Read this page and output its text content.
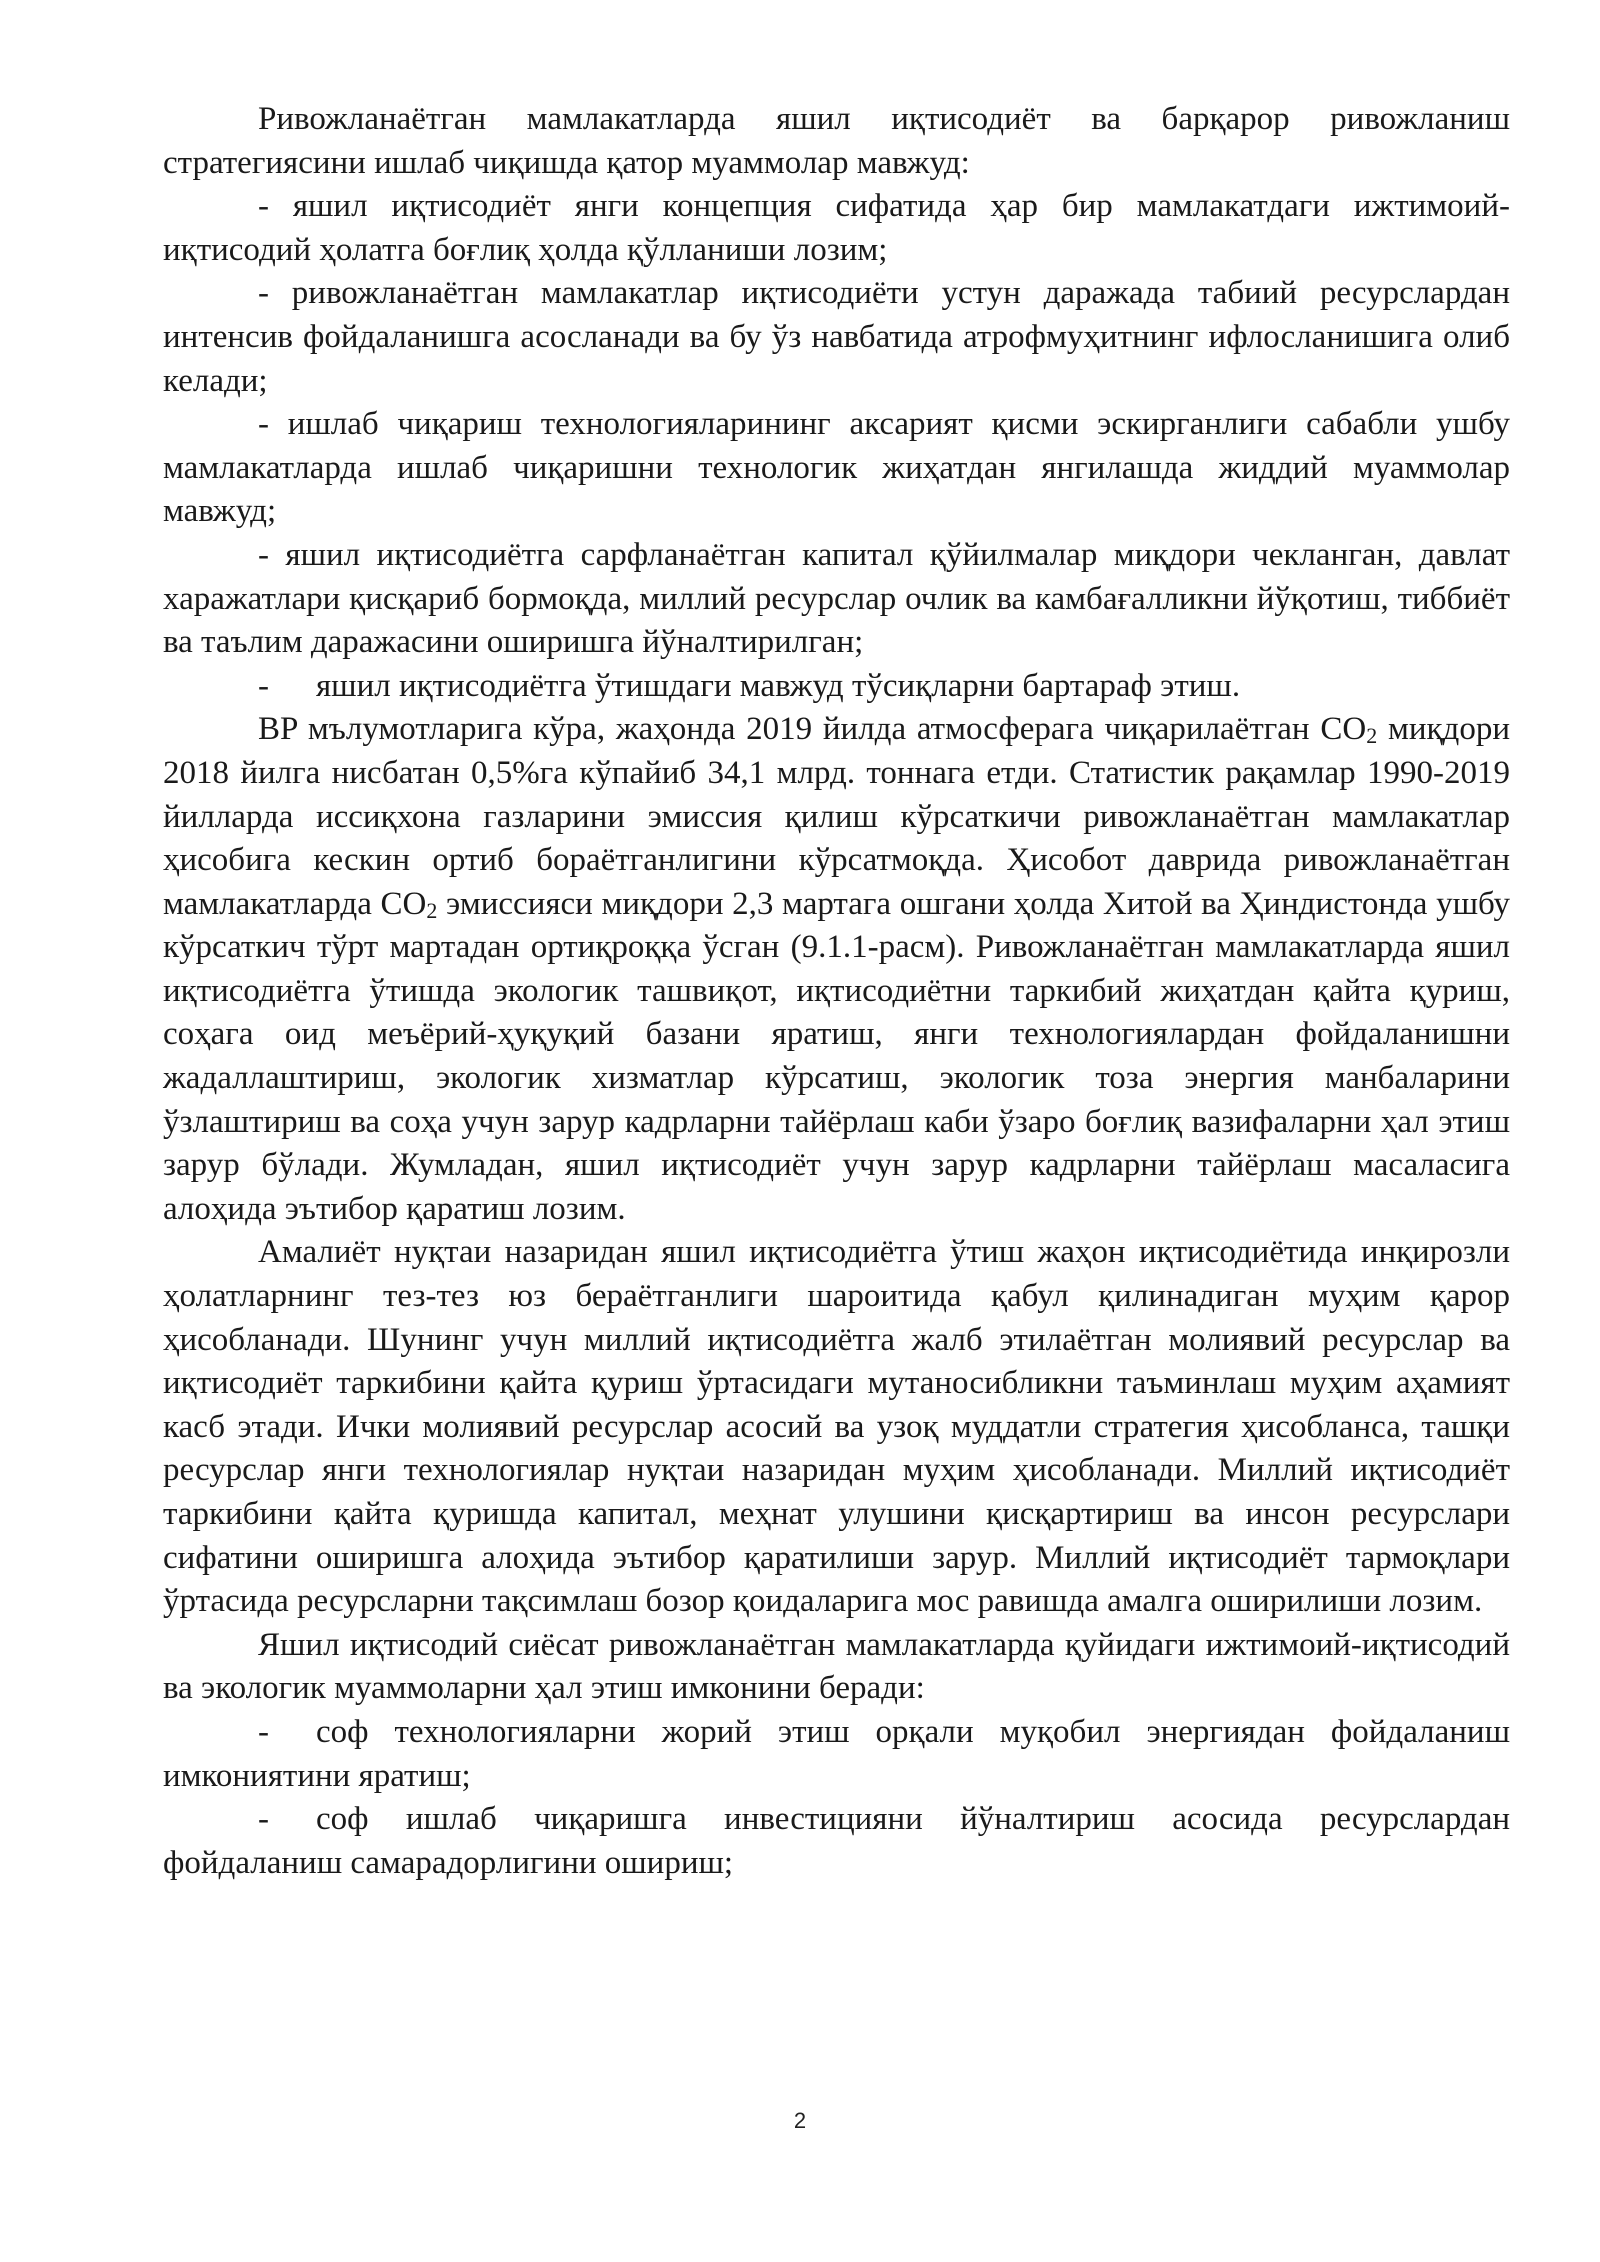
Ривожланаётган мамлакатларда яшил иқтисодиёт ва барқарор ривожланиш стратегиясини ишлаб чиқишда қатор муаммолар мавжуд:

- яшил иқтисодиёт янги концепция сифатида ҳар бир мамлакатдаги ижтимоий-иқтисодий ҳолатга боғлиқ ҳолда қўлланиши лозим;

- ривожланаётган мамлакатлар иқтисодиёти устун даражада табиий ресурслардан интенсив фойдаланишга асосланади ва бу ўз навбатида атрофмуҳитнинг ифлосланишига олиб келади;

- ишлаб чиқариш технологияларининг аксарият қисми эскирганлиги сабабли ушбу мамлакатларда ишлаб чиқаришни технологик жиҳатдан янгилашда жиддий муаммолар мавжуд;

- яшил иқтисодиётга сарфланаётган капитал қўйилмалар миқдори чекланган, давлат харажатлари қисқариб бормоқда, миллий ресурслар очлик ва камбағалликни йўқотиш, тиббиёт ва таълим даражасини оширишга йўналтирилган;

- яшил иқтисодиётга ўтишдаги мавжуд тўсиқларни бартараф этиш.

BP мълумотларига кўра, жаҳонда 2019 йилда атмосферага чиқарилаётган $CO_2$ миқдори 2018 йилга нисбатан 0,5%га кўпайиб 34,1 млрд. тоннага етди. Статистик рақамлар 1990-2019 йилларда иссиқхона газларини эмиссия қилиш кўрсаткичи ривожланаётган мамлакатлар ҳисобига кескин ортиб бораётганлигини кўрсатмоқда. Ҳисобот даврида ривожланаётган мамлакатларда $CO_2$ эмиссияси миқдори 2,3 мартага ошгани ҳолда Хитой ва Ҳиндистонда ушбу кўрсаткич тўрт мартадан ортиқроққа ўсган (9.1.1-расм). Ривожланаётган мамлакатларда яшил иқтисодиётга ўтишда экологик ташвиқот, иқтисодиётни таркибий жиҳатдан қайта қуриш, соҳага оид меъёрий-ҳуқуқий базани яратиш, янги технологиялардан фойдаланишни жадаллаштириш, экологик хизматлар кўрсатиш, экологик тоза энергия манбаларини ўзлаштириш ва соҳа учун зарур кадрларни тайёрлаш каби ўзаро боғлиқ вазифаларни ҳал этиш зарур бўлади. Жумладан, яшил иқтисодиёт учун зарур кадрларни тайёрлаш масаласига алоҳида эътибор қаратиш лозим.

Амалиёт нуқтаи назаридан яшил иқтисодиётга ўтиш жаҳон иқтисодиётида инқирозли ҳолатларнинг тез-тез юз бераётганлиги шароитида қабул қилинадиган муҳим қарор ҳисобланади. Шунинг учун миллий иқтисодиётга жалб этилаётган молиявий ресурслар ва иқтисодиёт таркибини қайта қуриш ўртасидаги мутаносибликни таъминлаш муҳим аҳамият касб этади. Ички молиявий ресурслар асосий ва узоқ муддатли стратегия ҳисобланса, ташқи ресурслар янги технологиялар нуқтаи назаридан муҳим ҳисобланади. Миллий иқтисодиёт таркибини қайта қуришда капитал, меҳнат улушини қисқартириш ва инсон ресурслари сифатини оширишга алоҳида эътибор қаратилиши зарур. Миллий иқтисодиёт тармоқлари ўртасида ресурсларни тақсимлаш бозор қоидаларига мос равишда амалга оширилиши лозим.

Яшил иқтисодий сиёсат ривожланаётган мамлакатларда қуйидаги ижтимоий-иқтисодий ва экологик муаммоларни ҳал этиш имконини беради:

- соф технологияларни жорий этиш орқали муқобил энергиядан фойдаланиш имкониятини яратиш;

- соф ишлаб чиқаришга инвестицияни йўналтириш асосида ресурслардан фойдаланиш самарадорлигини ошириш;

2
